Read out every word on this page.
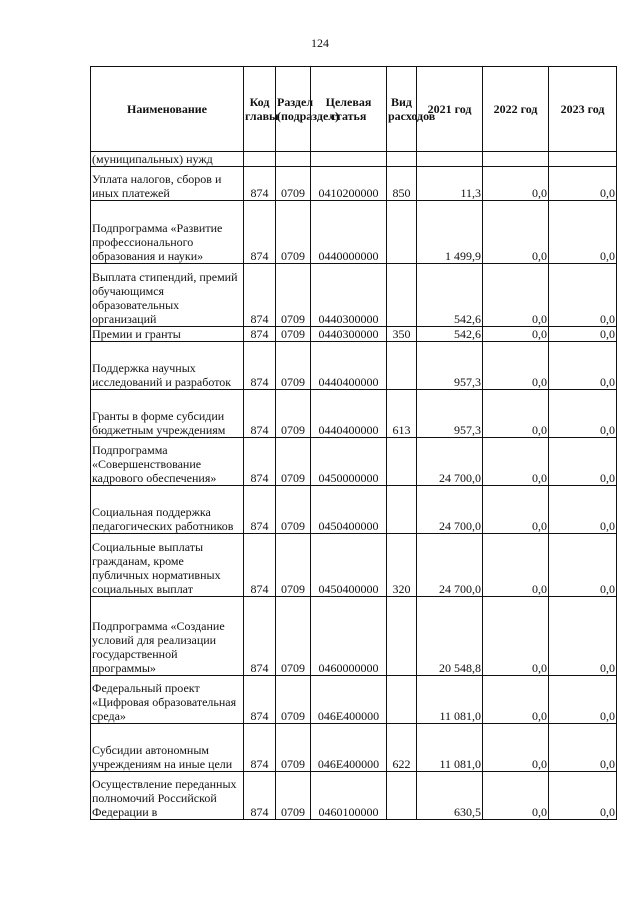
124
Наименование	Код главы	Раздел (подраздел)	Целевая статья	Вид расходов	2021 год	2022 год	2023 год
(муниципальных) нужд							
Уплата налогов, сборов и иных платежей	874	0709	0410200000	850	11,3	0,0	0,0
Подпрограмма «Развитие профессионального образования и науки»	874	0709	0440000000		1 499,9	0,0	0,0
Выплата стипендий, премий обучающимся образовательных организаций	874	0709	0440300000		542,6	0,0	0,0
Премии и гранты	874	0709	0440300000	350	542,6	0,0	0,0
Поддержка научных исследований и разработок	874	0709	0440400000		957,3	0,0	0,0
Гранты в форме субсидии бюджетным учреждениям	874	0709	0440400000	613	957,3	0,0	0,0
Подпрограмма «Совершенствование кадрового обеспечения»	874	0709	0450000000		24 700,0	0,0	0,0
Социальная поддержка педагогических работников	874	0709	0450400000		24 700,0	0,0	0,0
Социальные выплаты гражданам, кроме публичных нормативных социальных выплат	874	0709	0450400000	320	24 700,0	0,0	0,0
Подпрограмма «Создание условий для реализации государственной программы»	874	0709	0460000000		20 548,8	0,0	0,0
Федеральный проект «Цифровая образовательная среда»	874	0709	046E400000		11 081,0	0,0	0,0
Субсидии автономным учреждениям на иные цели	874	0709	046E400000	622	11 081,0	0,0	0,0
Осуществление переданных полномочий Российской Федерации в	874	0709	0460100000		630,5	0,0	0,0
